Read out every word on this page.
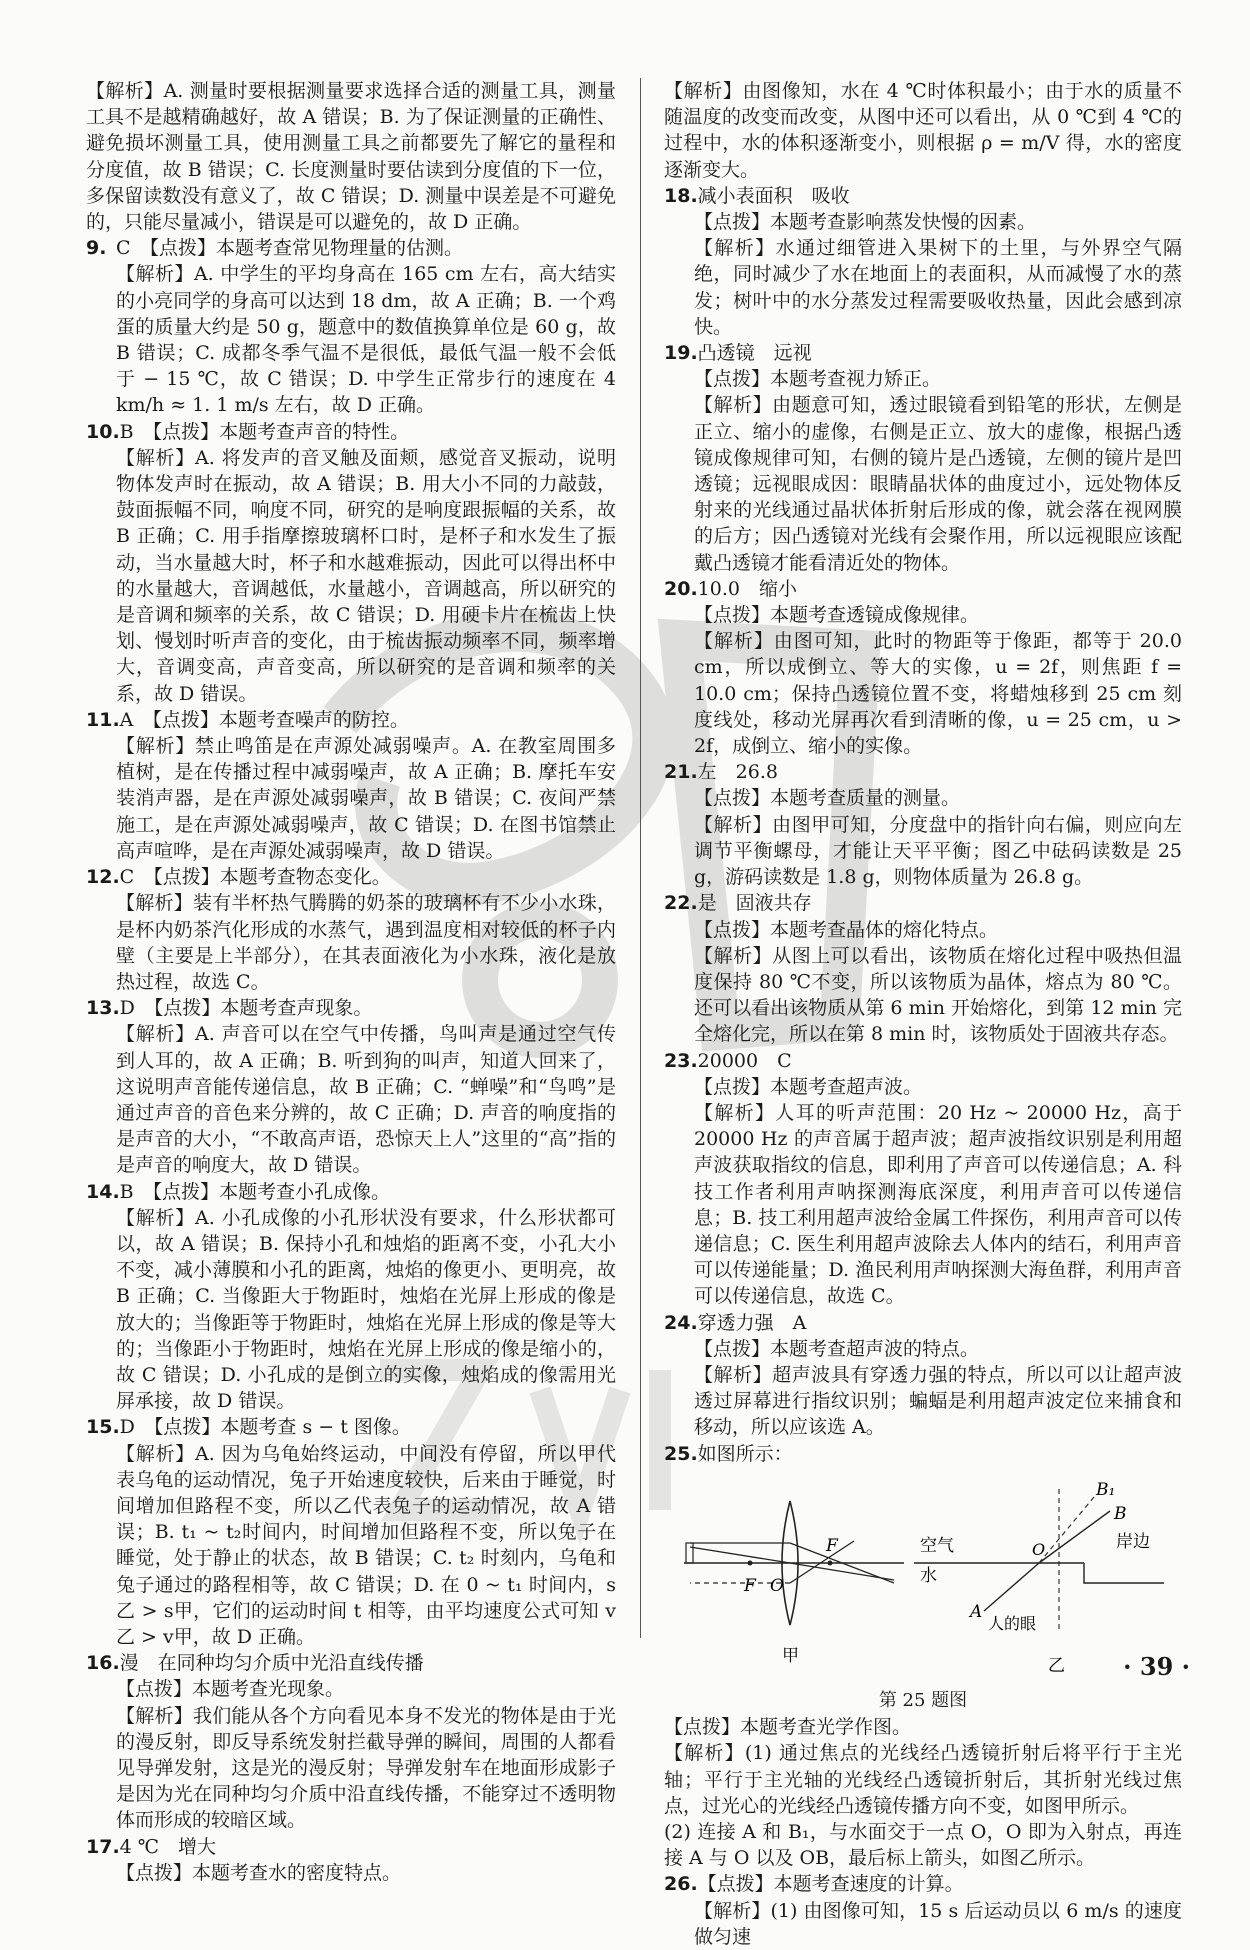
【解析】A. 测量时要根据测量要求选择合适的测量工具，测量工具不是越精确越好，故 A 错误；B. 为了保证测量的正确性、避免损坏测量工具，使用测量工具之前都要先了解它的量程和分度值，故 B 错误；C. 长度测量时要估读到分度值的下一位，多保留读数没有意义了，故 C 错误；D. 测量中误差是不可避免的，只能尽量减小，错误是可以避免的，故 D 正确。

9. C　【点拨】本题考查常见物理量的估测。

【解析】A. 中学生的平均身高在 165 cm 左右，高大结实的小亮同学的身高可以达到 18 dm，故 A 正确；B. 一个鸡蛋的质量大约是 50 g，题意中的数值换算单位是 60 g，故 B 错误；C. 成都冬季气温不是很低，最低气温一般不会低于 − 15 ℃，故 C 错误；D. 中学生正常步行的速度在 4 km/h ≈ 1. 1 m/s 左右，故 D 正确。

10.B　【点拨】本题考查声音的特性。

【解析】A. 将发声的音叉触及面颊，感觉音叉振动，说明物体发声时在振动，故 A 错误；B. 用大小不同的力敲鼓，鼓面振幅不同，响度不同，研究的是响度跟振幅的关系，故 B 正确；C. 用手指摩擦玻璃杯口时，是杯子和水发生了振动，当水量越大时，杯子和水越难振动，因此可以得出杯中的水量越大，音调越低，水量越小，音调越高，所以研究的是音调和频率的关系，故 C 错误；D. 用硬卡片在梳齿上快划、慢划时听声音的变化，由于梳齿振动频率不同，频率增大，音调变高，声音变高，所以研究的是音调和频率的关系，故 D 错误。

11.A　【点拨】本题考查噪声的防控。

【解析】禁止鸣笛是在声源处减弱噪声。A. 在教室周围多植树，是在传播过程中减弱噪声，故 A 正确；B. 摩托车安装消声器，是在声源处减弱噪声，故 B 错误；C. 夜间严禁施工，是在声源处减弱噪声，故 C 错误；D. 在图书馆禁止高声喧哗，是在声源处减弱噪声，故 D 错误。

12.C　【点拨】本题考查物态变化。

【解析】装有半杯热气腾腾的奶茶的玻璃杯有不少小水珠，是杯内奶茶汽化形成的水蒸气，遇到温度相对较低的杯子内壁（主要是上半部分），在其表面液化为小水珠，液化是放热过程，故选 C。

13.D　【点拨】本题考查声现象。

【解析】A. 声音可以在空气中传播，鸟叫声是通过空气传到人耳的，故 A 正确；B. 听到狗的叫声，知道人回来了，这说明声音能传递信息，故 B 正确；C. “蝉噪”和“鸟鸣”是通过声音的音色来分辨的，故 C 正确；D. 声音的响度指的是声音的大小，“不敢高声语，恐惊天上人”这里的“高”指的是声音的响度大，故 D 错误。

14.B　【点拨】本题考查小孔成像。

【解析】A. 小孔成像的小孔形状没有要求，什么形状都可以，故 A 错误；B. 保持小孔和烛焰的距离不变，小孔大小不变，减小薄膜和小孔的距离，烛焰的像更小、更明亮，故 B 正确；C. 当像距大于物距时，烛焰在光屏上形成的像是放大的；当像距等于物距时，烛焰在光屏上形成的像是等大的；当像距小于物距时，烛焰在光屏上形成的像是缩小的，故 C 错误；D. 小孔成的是倒立的实像，烛焰成的像需用光屏承接，故 D 错误。

15.D　【点拨】本题考查 s − t 图像。

【解析】A. 因为乌龟始终运动，中间没有停留，所以甲代表乌龟的运动情况，兔子开始速度较快，后来由于睡觉，时间增加但路程不变，所以乙代表兔子的运动情况，故 A 错误；B. t₁ ~ t₂时间内，时间增加但路程不变，所以兔子在睡觉，处于静止的状态，故 B 错误；C. t₂ 时刻内，乌龟和兔子通过的路程相等，故 C 错误；D. 在 0 ~ t₁ 时间内，s乙 > s甲，它们的运动时间 t 相等，由平均速度公式可知 v乙 > v甲，故 D 正确。

16.漫　在同种均匀介质中光沿直线传播

【点拨】本题考查光现象。
【解析】我们能从各个方向看见本身不发光的物体是由于光的漫反射，即反导系统发射拦截导弹的瞬间，周围的人都看见导弹发射，这是光的漫反射；导弹发射车在地面形成影子是因为光在同种均匀介质中沿直线传播，不能穿过不透明物体而形成的较暗区域。

17.4 ℃　增大

【点拨】本题考查水的密度特点。

【解析】由图像知，水在 4 ℃时体积最小；由于水的质量不随温度的改变而改变，从图中还可以看出，从 0 ℃到 4 ℃的过程中，水的体积逐渐变小，则根据 ρ = m/V 得，水的密度逐渐变大。

18.减小表面积　吸收

【点拨】本题考查影响蒸发快慢的因素。
【解析】水通过细管进入果树下的土里，与外界空气隔绝，同时减少了水在地面上的表面积，从而减慢了水的蒸发；树叶中的水分蒸发过程需要吸收热量，因此会感到凉快。

19.凸透镜　远视

【点拨】本题考查视力矫正。
【解析】由题意可知，透过眼镜看到铅笔的形状，左侧是正立、缩小的虚像，右侧是正立、放大的虚像，根据凸透镜成像规律可知，右侧的镜片是凸透镜，左侧的镜片是凹透镜；远视眼成因：眼睛晶状体的曲度过小，远处物体反射来的光线通过晶状体折射后形成的像，就会落在视网膜的后方；因凸透镜对光线有会聚作用，所以远视眼应该配戴凸透镜才能看清近处的物体。

20.10.0　缩小

【点拨】本题考查透镜成像规律。
【解析】由图可知，此时的物距等于像距，都等于 20.0 cm，所以成倒立、等大的实像，u = 2f，则焦距 f = 10.0 cm；保持凸透镜位置不变，将蜡烛移到 25 cm 刻度线处，移动光屏再次看到清晰的像，u = 25 cm，u > 2f，成倒立、缩小的实像。

21.左　26.8

【点拨】本题考查质量的测量。
【解析】由图甲可知，分度盘中的指针向右偏，则应向左调节平衡螺母，才能让天平平衡；图乙中砝码读数是 25 g，游码读数是 1.8 g，则物体质量为 26.8 g。

22.是　固液共存

【点拨】本题考查晶体的熔化特点。
【解析】从图上可以看出，该物质在熔化过程中吸热但温度保持 80 ℃不变，所以该物质为晶体，熔点为 80 ℃。还可以看出该物质从第 6 min 开始熔化，到第 12 min 完全熔化完，所以在第 8 min 时，该物质处于固液共存态。

23.20000　C

【点拨】本题考查超声波。
【解析】人耳的听声范围：20 Hz ~ 20000 Hz，高于 20000 Hz 的声音属于超声波；超声波指纹识别是利用超声波获取指纹的信息，即利用了声音可以传递信息；A. 科技工作者利用声呐探测海底深度，利用声音可以传递信息；B. 技工利用超声波给金属工件探伤，利用声音可以传递信息；C. 医生利用超声波除去人体内的结石，利用声音可以传递能量；D. 渔民利用声呐探测大海鱼群，利用声音可以传递信息，故选 C。

24.穿透力强　A

【点拨】本题考查超声波的特点。
【解析】超声波具有穿透力强的特点，所以可以让超声波透过屏幕进行指纹识别；蝙蝠是利用超声波定位来捕食和移动，所以应该选 A。

25.如图所示：

F O
F
甲
空气
水
岸边
B₁
B
A
人的眼
O
乙

第 25 题图

【点拨】本题考查光学作图。
【解析】(1) 通过焦点的光线经凸透镜折射后将平行于主光轴；平行于主光轴的光线经凸透镜折射后，其折射光线过焦点，过光心的光线经凸透镜传播方向不变，如图甲所示。
(2) 连接 A 和 B₁，与水面交于一点 O，O 即为入射点，再连接 A 与 O 以及 OB，最后标上箭头，如图乙所示。

26.【点拨】本题考查速度的计算。

【解析】(1) 由图像可知，15 s 后运动员以 6 m/s 的速度做匀速

· 39 ·
